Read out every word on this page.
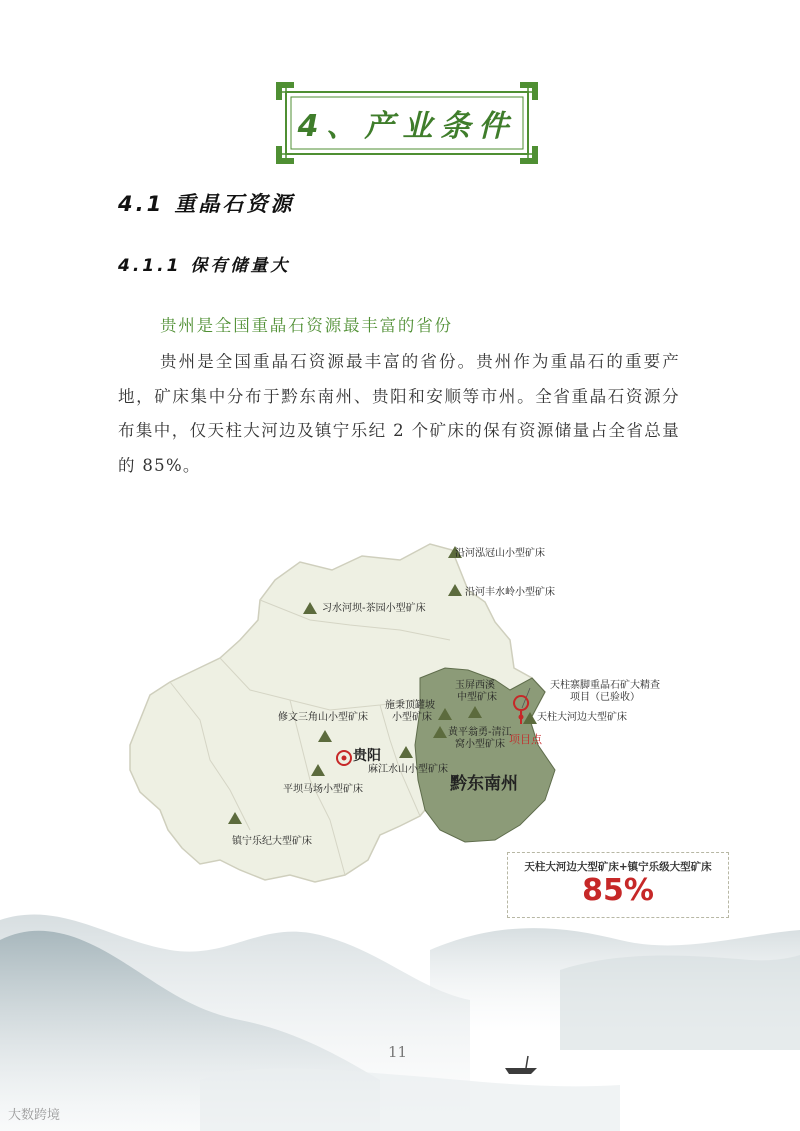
4、产业条件
4.1 重晶石资源
4.1.1 保有储量大
贵州是全国重晶石资源最丰富的省份
贵州是全国重晶石资源最丰富的省份。贵州作为重晶石的重要产地，矿床集中分布于黔东南州、贵阳和安顺等市州。全省重晶石资源分布集中，仅天柱大河边及镇宁乐纪 2 个矿床的保有资源储量占全省总量的 85%。
沿河泓冠山小型矿床
沿河丰水岭小型矿床
习水河坝-茶园小型矿床
玉屏西溪
中型矿床
天柱寨脚重晶石矿大精查
项目（已验收）
天柱大河边大型矿床
施秉顶罐坡
小型矿床
修文三角山小型矿床
黄平翁勇-清江
窝小型矿床 项目点
贵阳
麻江水山小型矿床
黔东南州
平坝马场小型矿床
镇宁乐纪大型矿床
天柱大河边大型矿床+镇宁乐级大型矿床
85%
11
大数跨境
